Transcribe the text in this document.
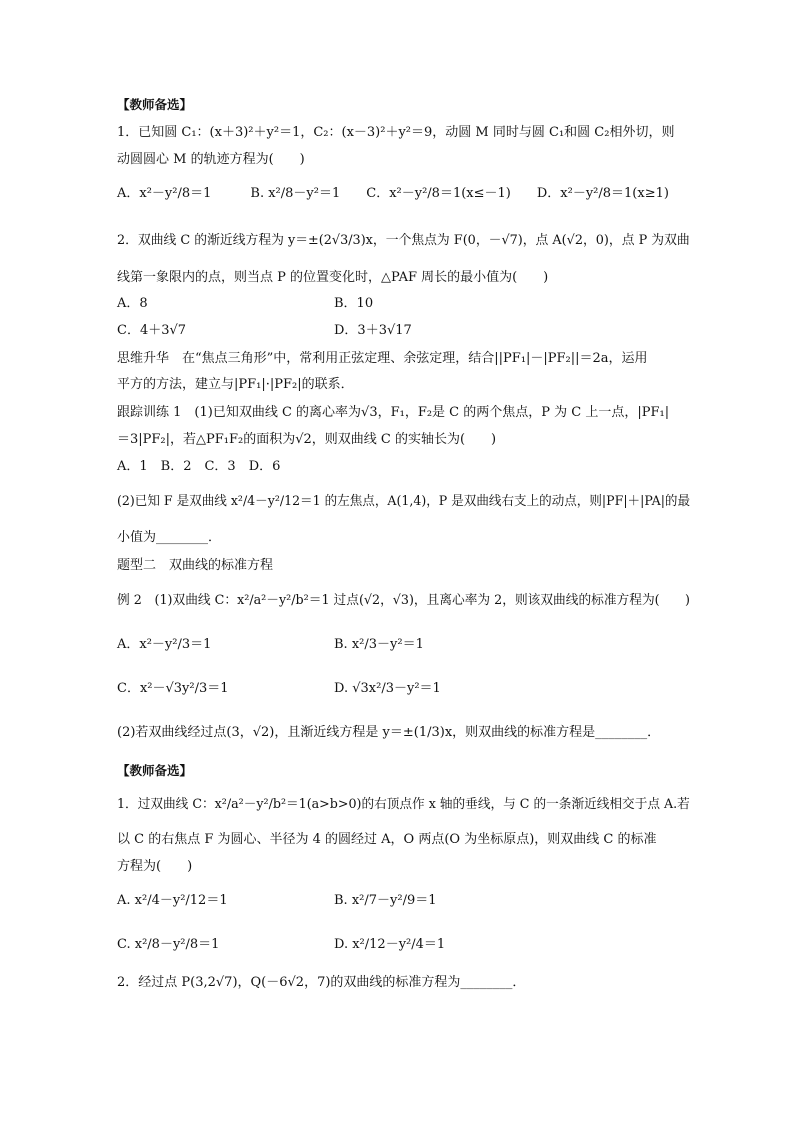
【教师备选】
1．已知圆 C₁：(x＋3)²＋y²＝1，C₂：(x－3)²＋y²＝9，动圆 M 同时与圆 C₁和圆 C₂相外切，则
动圆圆心 M 的轨迹方程为(　　)
A．x²－y²/8＝1　　　B. x²/8－y²＝1　　C．x²－y²/8＝1(x≤－1)　　D．x²－y²/8＝1(x≥1)
2．双曲线 C 的渐近线方程为 y＝±(2√3/3)x，一个焦点为 F(0，－√7)，点 A(√2，0)，点 P 为双曲
线第一象限内的点，则当点 P 的位置变化时，△PAF 周长的最小值为(　　)
A．8	B．10
C．4＋3√7	D．3＋3√17
思维升华　在“焦点三角形”中，常利用正弦定理、余弦定理，结合||PF₁|－|PF₂||＝2a，运用
平方的方法，建立与|PF₁|·|PF₂|的联系．
跟踪训练 1　(1)已知双曲线 C 的离心率为√3，F₁，F₂是 C 的两个焦点，P 为 C 上一点，|PF₁|
＝3|PF₂|，若△PF₁F₂的面积为√2，则双曲线 C 的实轴长为(　　)
A．1　B．2　C．3　D．6
(2)已知 F 是双曲线 x²/4－y²/12＝1 的左焦点，A(1,4)，P 是双曲线右支上的动点，则|PF|＋|PA|的最
小值为________．
题型二　双曲线的标准方程
例 2　(1)双曲线 C：x²/a²－y²/b²＝1 过点(√2，√3)，且离心率为 2，则该双曲线的标准方程为(　　)
A．x²－y²/3＝1	B. x²/3－y²＝1
C．x²－√3y²/3＝1	D. √3x²/3－y²＝1
(2)若双曲线经过点(3，√2)，且渐近线方程是 y＝±(1/3)x，则双曲线的标准方程是________．
【教师备选】
1．过双曲线 C：x²/a²－y²/b²＝1(a>b>0)的右顶点作 x 轴的垂线，与 C 的一条渐近线相交于点 A.若
以 C 的右焦点 F 为圆心、半径为 4 的圆经过 A，O 两点(O 为坐标原点)，则双曲线 C 的标准
方程为(　　)
A. x²/4－y²/12＝1	B. x²/7－y²/9＝1
C. x²/8－y²/8＝1	D. x²/12－y²/4＝1
2．经过点 P(3,2√7)，Q(－6√2，7)的双曲线的标准方程为________．
